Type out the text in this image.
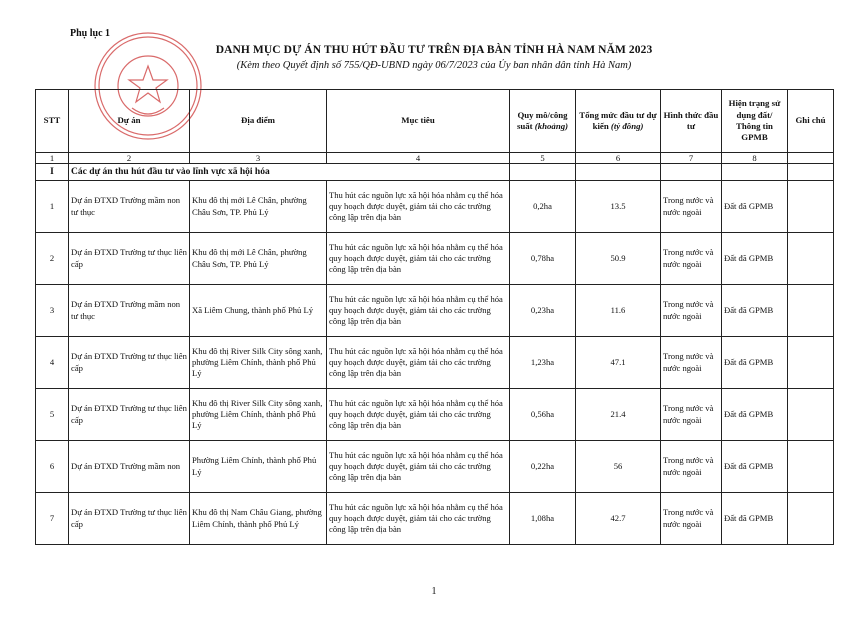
Phụ lục 1
DANH MỤC DỰ ÁN THU HÚT ĐẦU TƯ TRÊN ĐỊA BÀN TỈNH HÀ NAM NĂM 2023
(Kèm theo Quyết định số 755/QĐ-UBND ngày 06/7/2023 của Ủy ban nhân dân tỉnh Hà Nam)
STT	Dự án	Địa điểm	Mục tiêu	Quy mô/công suất (khoảng)	Tổng mức đầu tư dự kiến (tỷ đồng)	Hình thức đầu tư	Hiện trạng sử dụng đất/ Thông tin GPMB	Ghi chú
1	2	3	4	5	6	7	8	
I	Các dự án thu hút đầu tư vào lĩnh vực xã hội hóa							
1	Dự án ĐTXD Trường mầm non tư thục	Khu đô thị mới Lê Chân, phường Châu Sơn, TP. Phủ Lý	Thu hút các nguồn lực xã hội hóa nhằm cụ thể hóa quy hoạch được duyệt, giảm tải cho các trường công lập trên địa bàn	0,2ha	13.5	Trong nước và nước ngoài	Đất đã GPMB	
2	Dự án ĐTXD Trường tư thục liên cấp	Khu đô thị mới Lê Chân, phường Châu Sơn, TP. Phủ Lý	Thu hút các nguồn lực xã hội hóa nhằm cụ thể hóa quy hoạch được duyệt, giảm tải cho các trường công lập trên địa bàn	0,78ha	50.9	Trong nước và nước ngoài	Đất đã GPMB	
3	Dự án ĐTXD Trường mầm non tư thục	Xã Liêm Chung, thành phố Phủ Lý	Thu hút các nguồn lực xã hội hóa nhằm cụ thể hóa quy hoạch được duyệt, giảm tải cho các trường công lập trên địa bàn	0,23ha	11.6	Trong nước và nước ngoài	Đất đã GPMB	
4	Dự án ĐTXD Trường tư thục liên cấp	Khu đô thị River Silk City sông xanh, phường Liêm Chính, thành phố Phủ Lý	Thu hút các nguồn lực xã hội hóa nhằm cụ thể hóa quy hoạch được duyệt, giảm tải cho các trường công lập trên địa bàn	1,23ha	47.1	Trong nước và nước ngoài	Đất đã GPMB	
5	Dự án ĐTXD Trường tư thục liên cấp	Khu đô thị River Silk City sông xanh, phường Liêm Chính, thành phố Phủ Lý	Thu hút các nguồn lực xã hội hóa nhằm cụ thể hóa quy hoạch được duyệt, giảm tải cho các trường công lập trên địa bàn	0,56ha	21.4	Trong nước và nước ngoài	Đất đã GPMB	
6	Dự án ĐTXD Trường mầm non	Phường Liêm Chính, thành phố Phủ Lý	Thu hút các nguồn lực xã hội hóa nhằm cụ thể hóa quy hoạch được duyệt, giảm tải cho các trường công lập trên địa bàn	0,22ha	56	Trong nước và nước ngoài	Đất đã GPMB	
7	Dự án ĐTXD Trường tư thục liên cấp	Khu đô thị Nam Châu Giang, phường Liêm Chính, thành phố Phủ Lý	Thu hút các nguồn lực xã hội hóa nhằm cụ thể hóa quy hoạch được duyệt, giảm tải cho các trường công lập trên địa bàn	1,08ha	42.7	Trong nước và nước ngoài	Đất đã GPMB	
1
